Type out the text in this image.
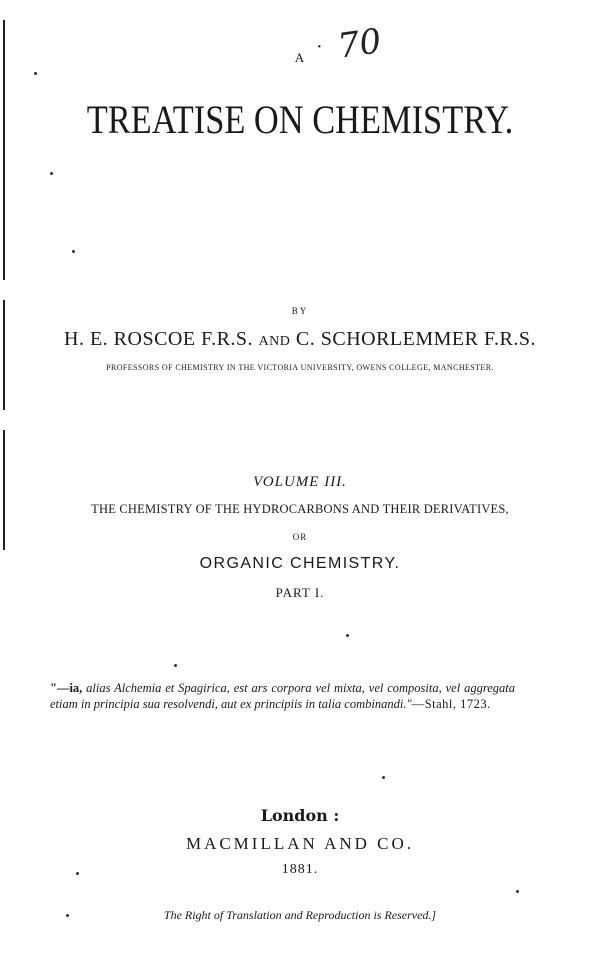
· 70
A
TREATISE ON CHEMISTRY.
BY
H. E. ROSCOE F.R.S. AND C. SCHORLEMMER F.R.S.
PROFESSORS OF CHEMISTRY IN THE VICTORIA UNIVERSITY, OWENS COLLEGE, MANCHESTER.
VOLUME III.
THE CHEMISTRY OF THE HYDROCARBONS AND THEIR DERIVATIVES,
OR
ORGANIC CHEMISTRY.
PART I.
"—ia, alias Alchemia et Spagirica, est ars corpora vel mixta, vel composita, vel aggregata etiam in principia sua resolvendi, aut ex principiis in talia combinandi."—Stahl, 1723.
London :
MACMILLAN AND CO.
1881.
The Right of Translation and Reproduction is Reserved.]
